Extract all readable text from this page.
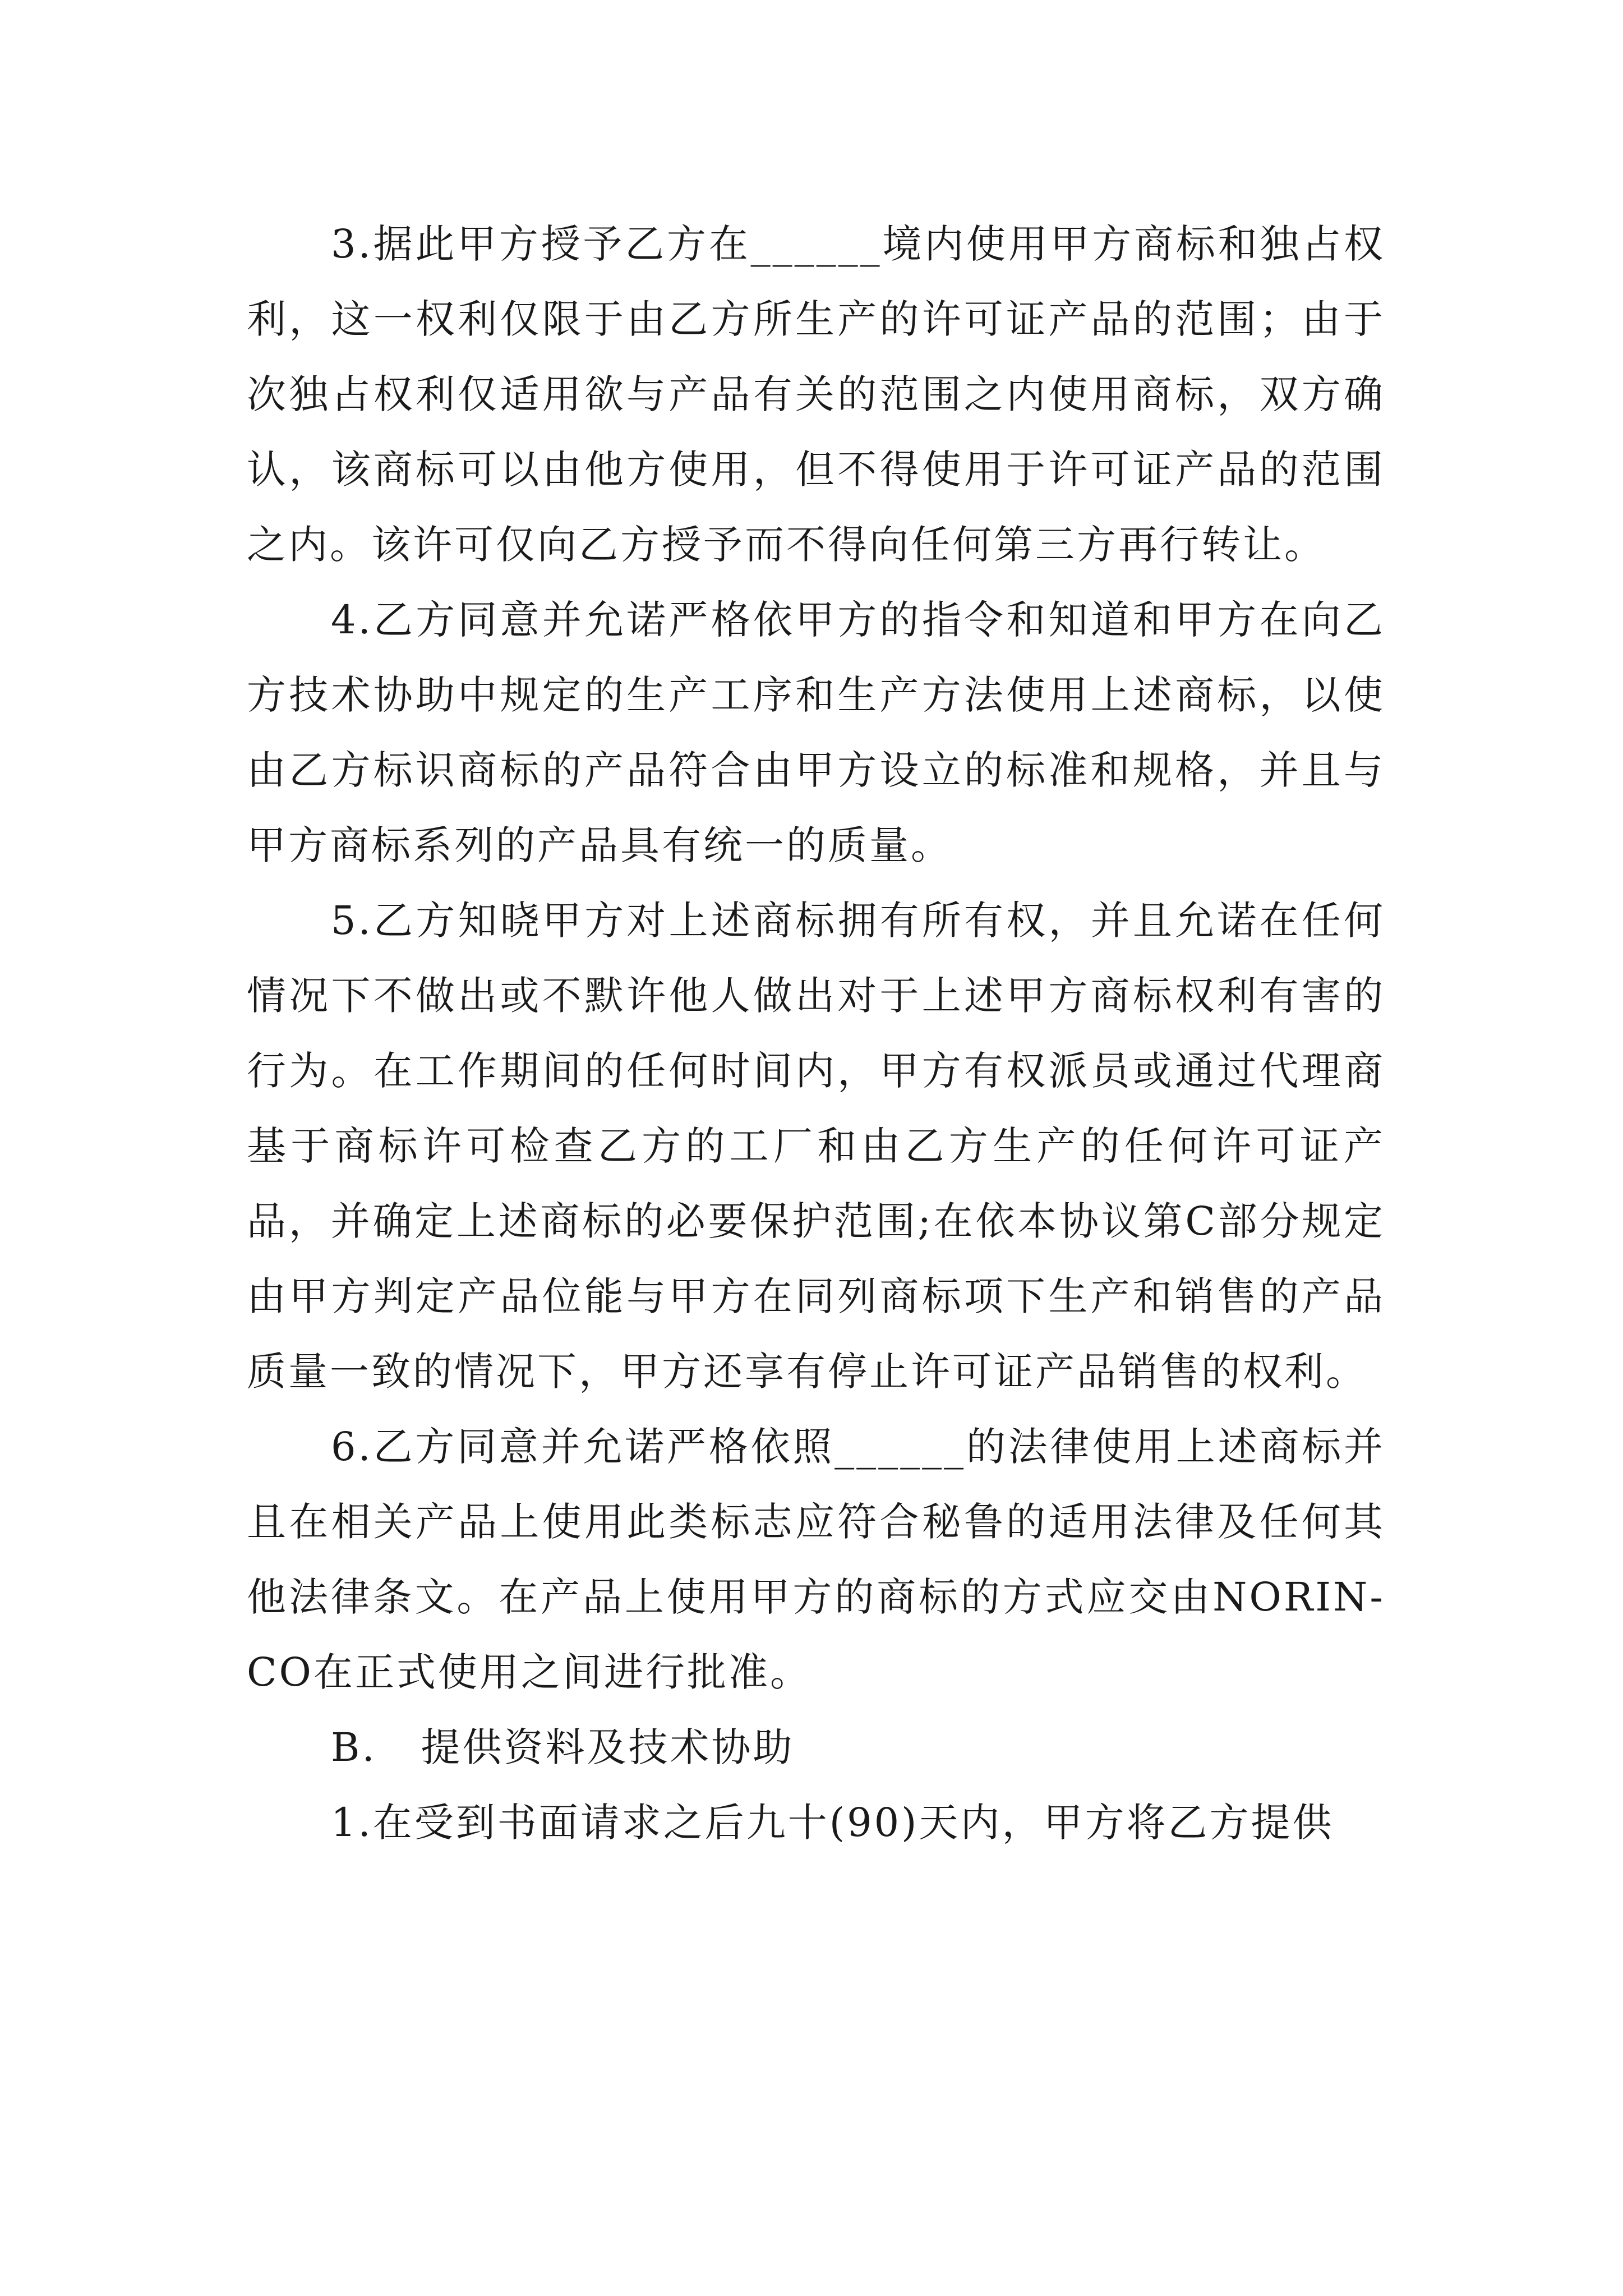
3.据此甲方授予乙方在______境内使用甲方商标和独占权利，这一权利仅限于由乙方所生产的许可证产品的范围；由于次独占权利仅适用欲与产品有关的范围之内使用商标，双方确认，该商标可以由他方使用，但不得使用于许可证产品的范围之内。该许可仅向乙方授予而不得向任何第三方再行转让。

4.乙方同意并允诺严格依甲方的指令和知道和甲方在向乙方技术协助中规定的生产工序和生产方法使用上述商标，以使由乙方标识商标的产品符合由甲方设立的标准和规格，并且与甲方商标系列的产品具有统一的质量。

5.乙方知晓甲方对上述商标拥有所有权，并且允诺在任何情况下不做出或不默许他人做出对于上述甲方商标权利有害的行为。在工作期间的任何时间内，甲方有权派员或通过代理商基于商标许可检查乙方的工厂和由乙方生产的任何许可证产品，并确定上述商标的必要保护范围;在依本协议第C部分规定由甲方判定产品位能与甲方在同列商标项下生产和销售的产品质量一致的情况下，甲方还享有停止许可证产品销售的权利。

6.乙方同意并允诺严格依照______的法律使用上述商标并且在相关产品上使用此类标志应符合秘鲁的适用法律及任何其他法律条文。在产品上使用甲方的商标的方式应交由NORIN-CO在正式使用之间进行批准。

B.   提供资料及技术协助

1.在受到书面请求之后九十(90)天内，甲方将乙方提供
